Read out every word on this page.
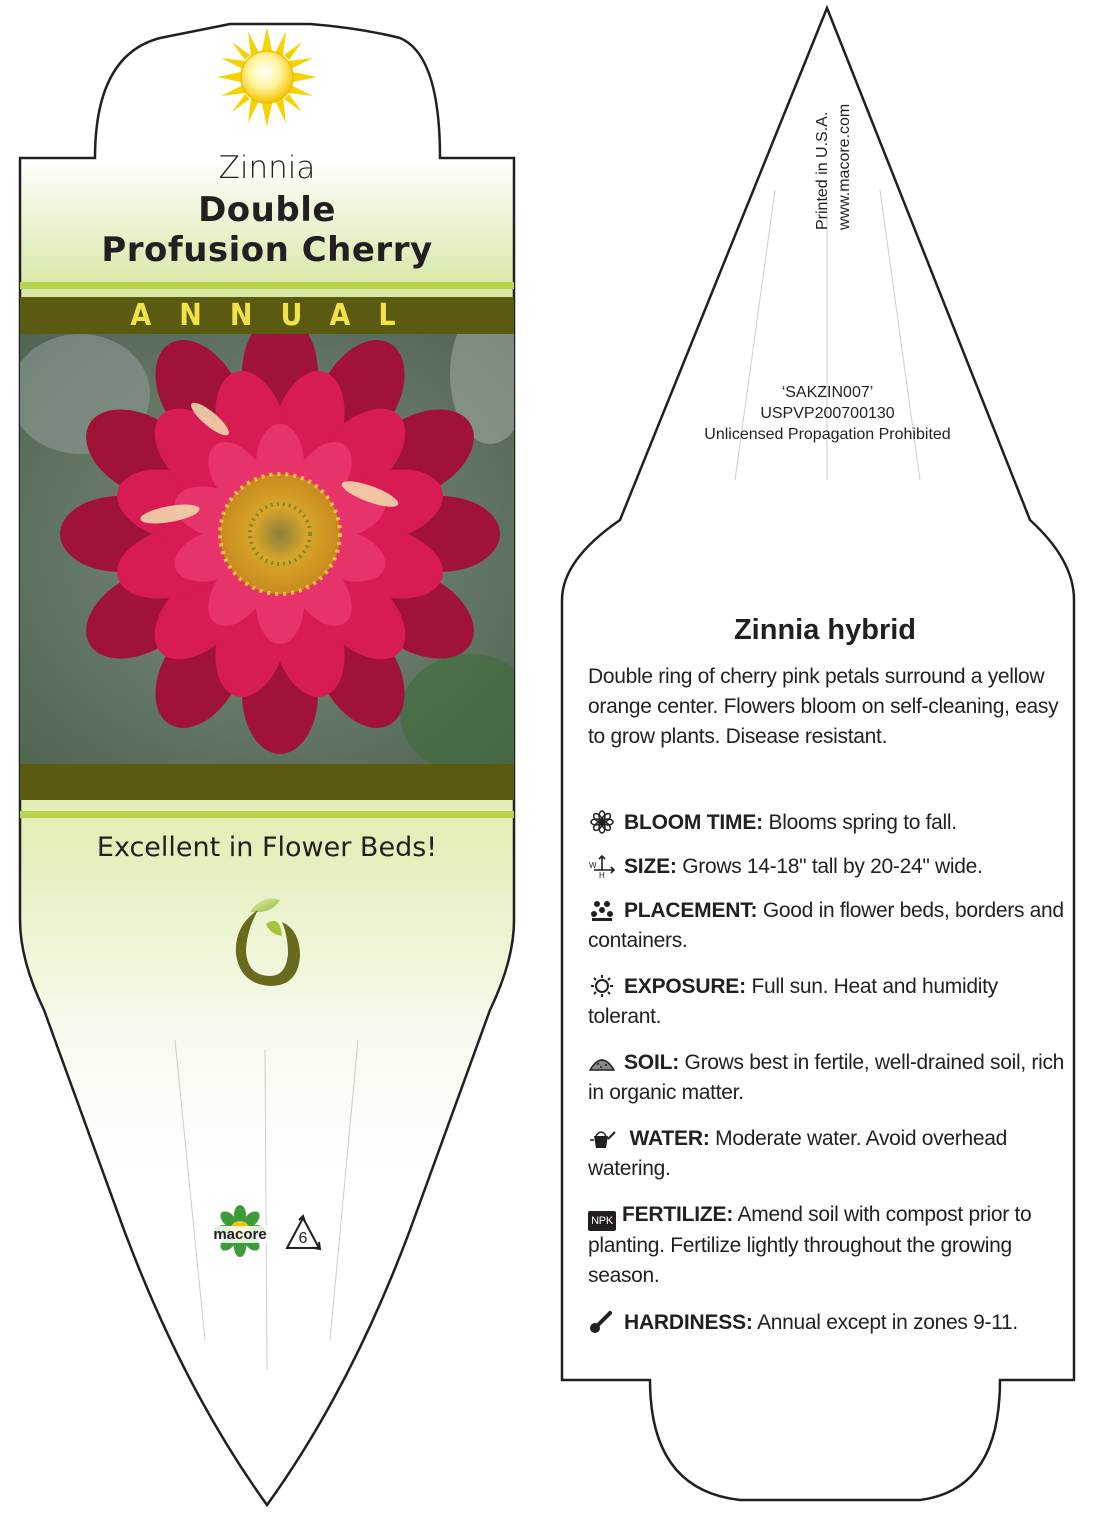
Zinnia
Double
Profusion Cherry
ANNUAL
Excellent in Flower Beds!
macore	6
Printed in U.S.A. www.macore.com
‘SAKZIN007’
USPVP200700130
Unlicensed Propagation Prohibited
Zinnia hybrid
Double ring of cherry pink petals surround a yellow orange center. Flowers bloom on self-cleaning, easy to grow plants. Disease resistant.
BLOOM TIME: Blooms spring to fall.
W
H SIZE: Grows 14-18" tall by 20-24" wide.
PLACEMENT: Good in flower beds, borders and containers.
EXPOSURE: Full sun. Heat and humidity tolerant.
SOIL: Grows best in fertile, well-drained soil, rich in organic matter.
WATER: Moderate water. Avoid overhead watering.
NPK FERTILIZE: Amend soil with compost prior to planting. Fertilize lightly throughout the growing season.
HARDINESS: Annual except in zones 9-11.
